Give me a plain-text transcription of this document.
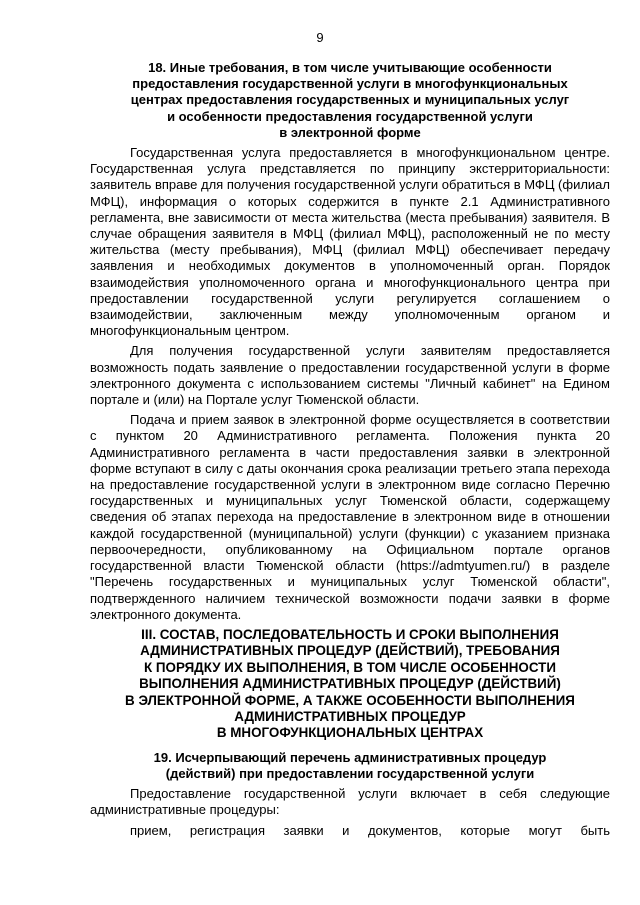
9
18. Иные требования, в том числе учитывающие особенности
предоставления государственной услуги в многофункциональных
центрах предоставления государственных и муниципальных услуг
и особенности предоставления государственной услуги
в электронной форме

Государственная услуга предоставляется в многофункциональном центре. Государственная услуга представляется по принципу экстерриториальности: заявитель вправе для получения государственной услуги обратиться в МФЦ (филиал МФЦ), информация о которых содержится в пункте 2.1 Административного регламента, вне зависимости от места жительства (места пребывания) заявителя. В случае обращения заявителя в МФЦ (филиал МФЦ), расположенный не по месту жительства (месту пребывания), МФЦ (филиал МФЦ) обеспечивает передачу заявления и необходимых документов в уполномоченный орган. Порядок взаимодействия уполномоченного органа и многофункционального центра при предоставлении государственной услуги регулируется соглашением о взаимодействии, заключенным между уполномоченным органом и многофункциональным центром.

Для получения государственной услуги заявителям предоставляется возможность подать заявление о предоставлении государственной услуги в форме электронного документа с использованием системы "Личный кабинет" на Едином портале и (или) на Портале услуг Тюменской области.

Подача и прием заявок в электронной форме осуществляется в соответствии с пунктом 20 Административного регламента. Положения пункта 20 Административного регламента в части предоставления заявки в электронной форме вступают в силу с даты окончания срока реализации третьего этапа перехода на предоставление государственной услуги в электронном виде согласно Перечню государственных и муниципальных услуг Тюменской области, содержащему сведения об этапах перехода на предоставление в электронном виде в отношении каждой государственной (муниципальной) услуги (функции) с указанием признака первоочередности, опубликованному на Официальном портале органов государственной власти Тюменской области (https://admtyumen.ru/) в разделе "Перечень государственных и муниципальных услуг Тюменской области", подтвержденного наличием технической возможности подачи заявки в форме электронного документа.

III. СОСТАВ, ПОСЛЕДОВАТЕЛЬНОСТЬ И СРОКИ ВЫПОЛНЕНИЯ
АДМИНИСТРАТИВНЫХ ПРОЦЕДУР (ДЕЙСТВИЙ), ТРЕБОВАНИЯ
К ПОРЯДКУ ИХ ВЫПОЛНЕНИЯ, В ТОМ ЧИСЛЕ ОСОБЕННОСТИ
ВЫПОЛНЕНИЯ АДМИНИСТРАТИВНЫХ ПРОЦЕДУР (ДЕЙСТВИЙ)
В ЭЛЕКТРОННОЙ ФОРМЕ, А ТАКЖЕ ОСОБЕННОСТИ ВЫПОЛНЕНИЯ
АДМИНИСТРАТИВНЫХ ПРОЦЕДУР
В МНОГОФУНКЦИОНАЛЬНЫХ ЦЕНТРАХ
19. Исчерпывающий перечень административных процедур
(действий) при предоставлении государственной услуги

Предоставление государственной услуги включает в себя следующие административные процедуры:

прием, регистрация заявки и документов, которые могут быть
